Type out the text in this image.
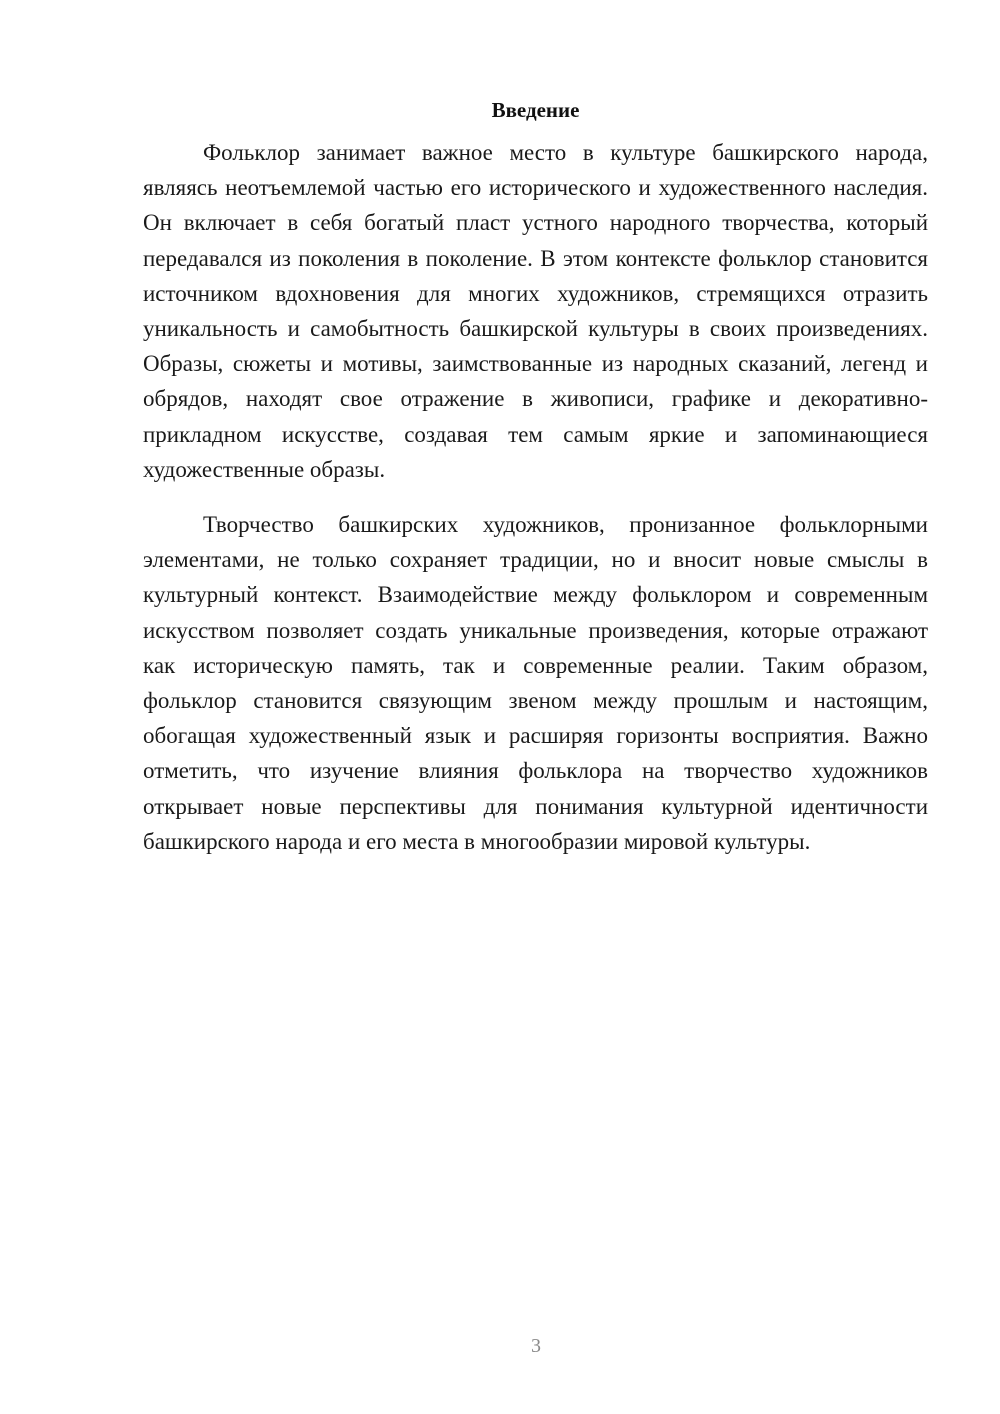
Введение

Фольклор занимает важное место в культуре башкирского народа, являясь неотъемлемой частью его исторического и художественного наследия. Он включает в себя богатый пласт устного народного творчества, который передавался из поколения в поколение. В этом контексте фольклор становится источником вдохновения для многих художников, стремящихся отразить уникальность и самобытность башкирской культуры в своих произведениях. Образы, сюжеты и мотивы, заимствованные из народных сказаний, легенд и обрядов, находят свое отражение в живописи, графике и декоративно-прикладном искусстве, создавая тем самым яркие и запоминающиеся художественные образы.

Творчество башкирских художников, пронизанное фольклорными элементами, не только сохраняет традиции, но и вносит новые смыслы в культурный контекст. Взаимодействие между фольклором и современным искусством позволяет создать уникальные произведения, которые отражают как историческую память, так и современные реалии. Таким образом, фольклор становится связующим звеном между прошлым и настоящим, обогащая художественный язык и расширяя горизонты восприятия. Важно отметить, что изучение влияния фольклора на творчество художников открывает новые перспективы для понимания культурной идентичности башкирского народа и его места в многообразии мировой культуры.

3
